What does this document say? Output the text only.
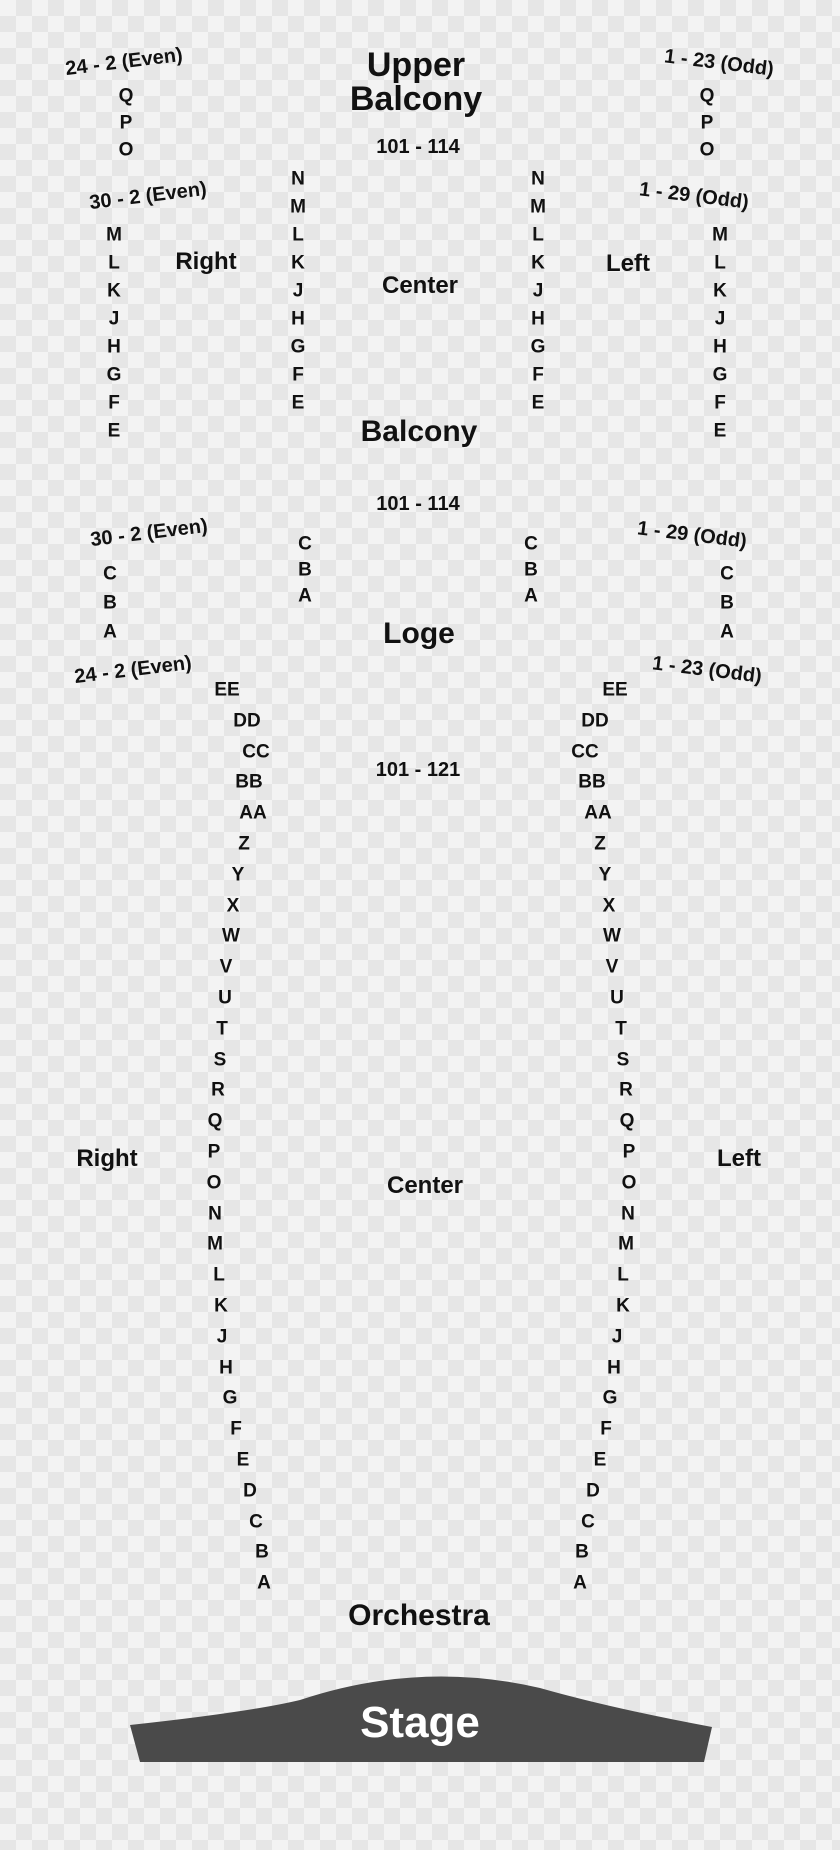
Upper
Balcony
24 - 2 (Even)	1 - 23 (Odd)
101 - 114
Q
P
O
Q
P
O
30 - 2 (Even)	1 - 29 (Odd)
Right
Center
Left
M
L
K
J
H
G
F
E
M
L
K
J
H
G
F
E
N
M
L
K
J
H
G
F
E
N
M
L
K
J
H
G
F
E
Balcony
101 - 114
30 - 2 (Even)	1 - 29 (Odd)
C
B
A
C
B
A
C
B
A
C
B
A
Loge
24 - 2 (Even)	1 - 23 (Odd)
101 - 121
Right
Center
Left
EE	EE
DD	DD
CC	CC
BB	BB
AA	AA
Z	Z
Y	Y
X	X
W	W
V	V
U	U
T	T
S	S
R	R
Q	Q
P	P
O	O
N	N
M	M
L	L
K	K
J	J
H	H
G	G
F	F
E	E
D	D
C	C
B	B
A	A
Orchestra
Stage
